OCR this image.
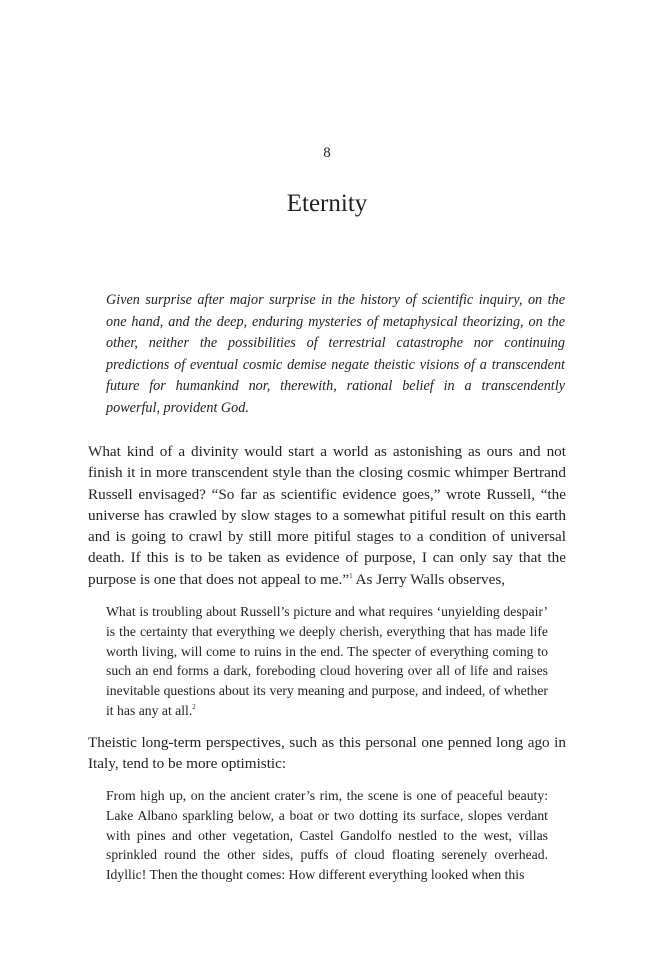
8
Eternity

Given surprise after major surprise in the history of scientific inquiry, on the one hand, and the deep, enduring mysteries of metaphysical theorizing, on the other, neither the possibilities of terrestrial catastrophe nor continuing predictions of eventual cosmic demise negate theistic visions of a transcendent future for humankind nor, therewith, rational belief in a transcendently powerful, provident God.

What kind of a divinity would start a world as astonishing as ours and not finish it in more transcendent style than the closing cosmic whimper Bertrand Russell envisaged? “So far as scientific evidence goes,” wrote Russell, “the universe has crawled by slow stages to a somewhat pitiful result on this earth and is going to crawl by still more pitiful stages to a condition of universal death. If this is to be taken as evidence of purpose, I can only say that the purpose is one that does not appeal to me.”$^1$ As Jerry Walls observes,

What is troubling about Russell’s picture and what requires ‘unyielding despair’ is the certainty that everything we deeply cherish, everything that has made life worth living, will come to ruins in the end. The specter of everything coming to such an end forms a dark, foreboding cloud hovering over all of life and raises inevitable questions about its very meaning and purpose, and indeed, of whether it has any at all.$^2$

Theistic long-term perspectives, such as this personal one penned long ago in Italy, tend to be more optimistic:

From high up, on the ancient crater’s rim, the scene is one of peaceful beauty: Lake Albano sparkling below, a boat or two dotting its surface, slopes verdant with pines and other vegetation, Castel Gandolfo nestled to the west, villas sprinkled round the other sides, puffs of cloud floating serenely overhead. Idyllic! Then the thought comes: How different everything looked when this
